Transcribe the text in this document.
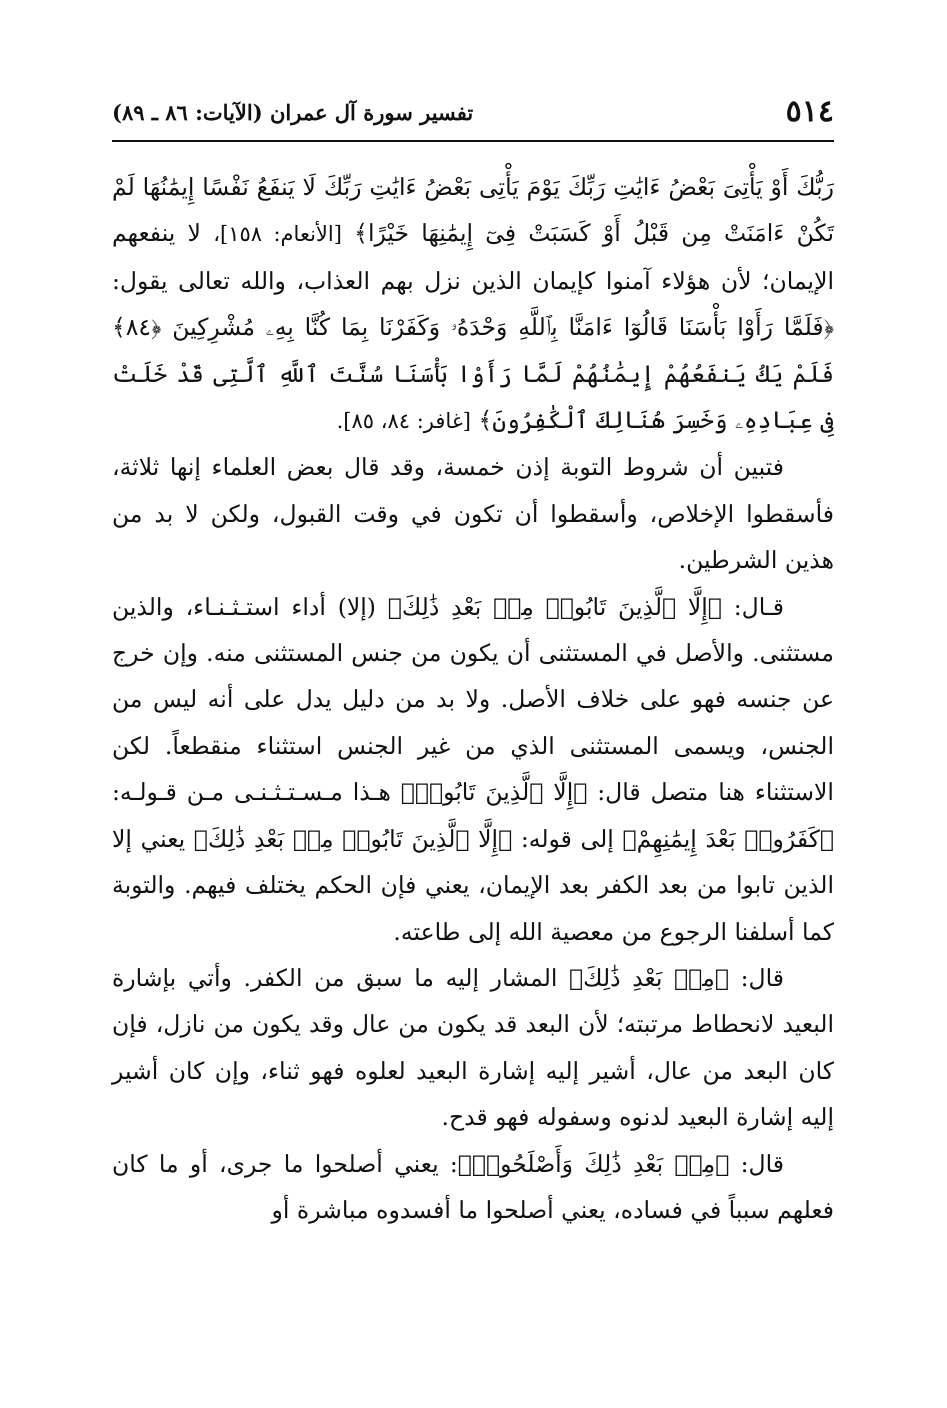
٥١٤
تفسير سورة آل عمران (الآيات: ٨٦ ـ ٨٩)

رَبُّكَ أَوْ يَأْتِىَ بَعْضُ ءَايَٰتِ رَبِّكَ يَوْمَ يَأْتِى بَعْضُ ءَايَٰتِ رَبِّكَ لَا يَنفَعُ نَفْسًا إِيمَٰنُهَا لَمْ تَكُنْ ءَامَنَتْ مِن قَبْلُ أَوْ كَسَبَتْ فِىٓ إِيمَٰنِهَا خَيْرًا﴾ [الأنعام: ١٥٨]، لا ينفعهم الإيمان؛ لأن هؤلاء آمنوا كإيمان الذين نزل بهم العذاب، والله تعالى يقول: ﴿فَلَمَّا رَأَوْا بَأْسَنَا قَالُوٓا ءَامَنَّا بِٱللَّهِ وَحْدَهُۥ وَكَفَرْنَا بِمَا كُنَّا بِهِۦ مُشْرِكِينَ ﴿٨٤﴾ فَلَمْ يَكُ يَنفَعُهُمْ إِيمَٰنُهُمْ لَمَّا رَأَوْا بَأْسَنَا سُنَّتَ ٱللَّهِ ٱلَّتِى قَدْ خَلَتْ فِى عِبَادِهِۦ وَخَسِرَ هُنَالِكَ ٱلْكَٰفِرُونَ﴾ [غافر: ٨٤، ٨٥].

فتبين أن شروط التوبة إذن خمسة، وقد قال بعض العلماء إنها ثلاثة، فأسقطوا الإخلاص، وأسقطوا أن تكون في وقت القبول، ولكن لا بد من هذين الشرطين.

قـال: ﴿إِلَّا ٱلَّذِينَ تَابُوا۟ مِنۢ بَعْدِ ذَٰلِكَ﴾ (إلا) أداء استـثـنـاء، والذين مستثنى. والأصل في المستثنى أن يكون من جنس المستثنى منه. وإن خرج عن جنسه فهو على خلاف الأصل. ولا بد من دليل يدل على أنه ليس من الجنس، ويسمى المستثنى الذي من غير الجنس استثناء منقطعاً. لكن الاستثناء هنا متصل قال: ﴿إِلَّا ٱلَّذِينَ تَابُوا۟﴾ هـذا مـسـتـثـنـى مـن قـولـه: ﴿كَفَرُوا۟ بَعْدَ إِيمَٰنِهِمْ﴾ إلى قوله: ﴿إِلَّا ٱلَّذِينَ تَابُوا۟ مِنۢ بَعْدِ ذَٰلِكَ﴾ يعني إلا الذين تابوا من بعد الكفر بعد الإيمان، يعني فإن الحكم يختلف فيهم. والتوبة كما أسلفنا الرجوع من معصية الله إلى طاعته.

قال: ﴿مِنۢ بَعْدِ ذَٰلِكَ﴾ المشار إليه ما سبق من الكفر. وأتي بإشارة البعيد لانحطاط مرتبته؛ لأن البعد قد يكون من عال وقد يكون من نازل، فإن كان البعد من عال، أشير إليه إشارة البعيد لعلوه فهو ثناء، وإن كان أشير إليه إشارة البعيد لدنوه وسفوله فهو قدح.

قال: ﴿مِنۢ بَعْدِ ذَٰلِكَ وَأَصْلَحُوا۟﴾: يعني أصلحوا ما جرى، أو ما كان فعلهم سبباً في فساده، يعني أصلحوا ما أفسدوه مباشرة أو
